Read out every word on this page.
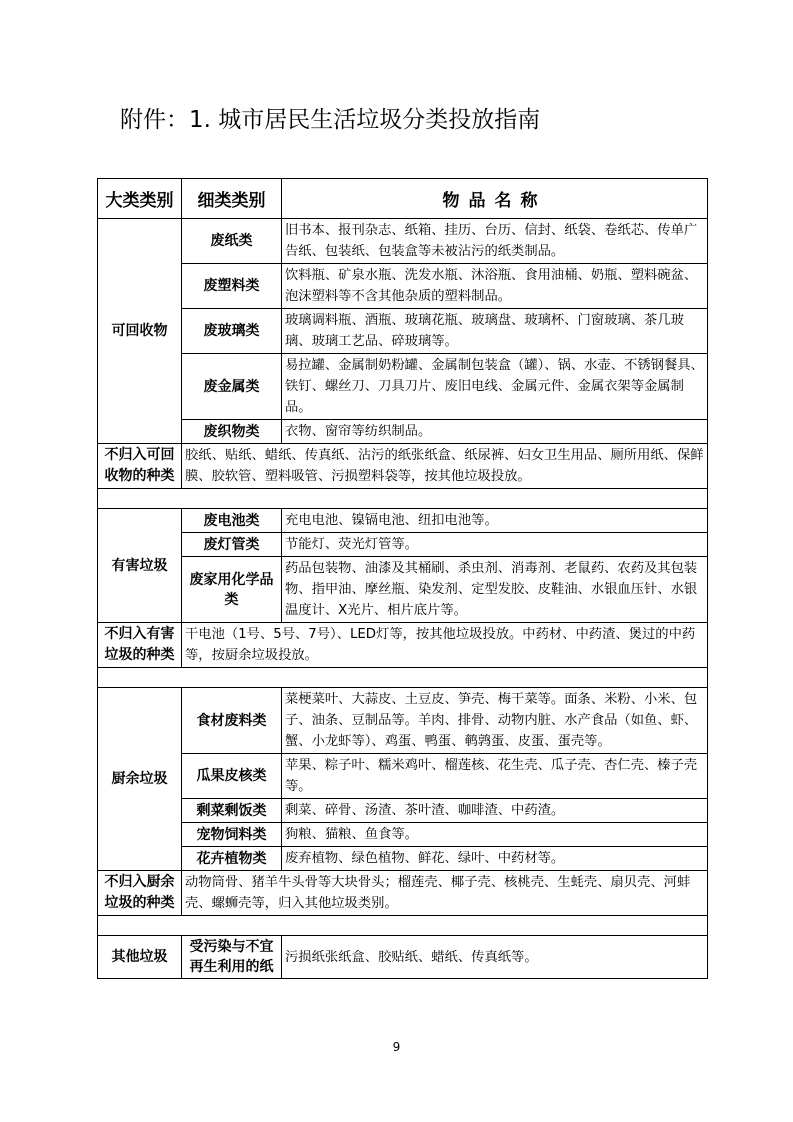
附件：1. 城市居民生活垃圾分类投放指南
大类类别	细类类别	物品名称
可回收物	废纸类	旧书本、报刊杂志、纸箱、挂历、台历、信封、纸袋、卷纸芯、传单广告纸、包装纸、包装盒等未被沾污的纸类制品。
	废塑料类	饮料瓶、矿泉水瓶、洗发水瓶、沐浴瓶、食用油桶、奶瓶、塑料碗盆、泡沫塑料等不含其他杂质的塑料制品。
	废玻璃类	玻璃调料瓶、酒瓶、玻璃花瓶、玻璃盘、玻璃杯、门窗玻璃、茶几玻璃、玻璃工艺品、碎玻璃等。
	废金属类	易拉罐、金属制奶粉罐、金属制包装盒（罐）、锅、水壶、不锈钢餐具、铁钉、螺丝刀、刀具刀片、废旧电线、金属元件、金属衣架等金属制品。
	废织物类	衣物、窗帘等纺织制品。
不归入可回收物的种类	胶纸、贴纸、蜡纸、传真纸、沾污的纸张纸盒、纸尿裤、妇女卫生用品、厕所用纸、保鲜膜、胶软管、塑料吸管、污损塑料袋等，按其他垃圾投放。	

有害垃圾	废电池类	充电电池、镍镉电池、纽扣电池等。
	废灯管类	节能灯、荧光灯管等。
	废家用化学品类	药品包装物、油漆及其桶刷、杀虫剂、消毒剂、老鼠药、农药及其包装物、指甲油、摩丝瓶、染发剂、定型发胶、皮鞋油、水银血压针、水银温度计、X光片、相片底片等。
不归入有害垃圾的种类	干电池（1号、5号、7号）、LED灯等，按其他垃圾投放。中药材、中药渣、煲过的中药等，按厨余垃圾投放。	

厨余垃圾	食材废料类	菜梗菜叶、大蒜皮、土豆皮、笋壳、梅干菜等。面条、米粉、小米、包子、油条、豆制品等。羊肉、排骨、动物内脏、水产食品（如鱼、虾、蟹、小龙虾等）、鸡蛋、鸭蛋、鹌鹑蛋、皮蛋、蛋壳等。
	瓜果皮核类	苹果、粽子叶、糯米鸡叶、榴莲核、花生壳、瓜子壳、杏仁壳、榛子壳等。
	剩菜剩饭类	剩菜、碎骨、汤渣、茶叶渣、咖啡渣、中药渣。
	宠物饲料类	狗粮、猫粮、鱼食等。
	花卉植物类	废弃植物、绿色植物、鲜花、绿叶、中药材等。
不归入厨余垃圾的种类	动物筒骨、猪羊牛头骨等大块骨头；榴莲壳、椰子壳、核桃壳、生蚝壳、扇贝壳、河蚌壳、螺蛳壳等，归入其他垃圾类别。	

其他垃圾	受污染与不宜再生利用的纸	污损纸张纸盒、胶贴纸、蜡纸、传真纸等。
9
